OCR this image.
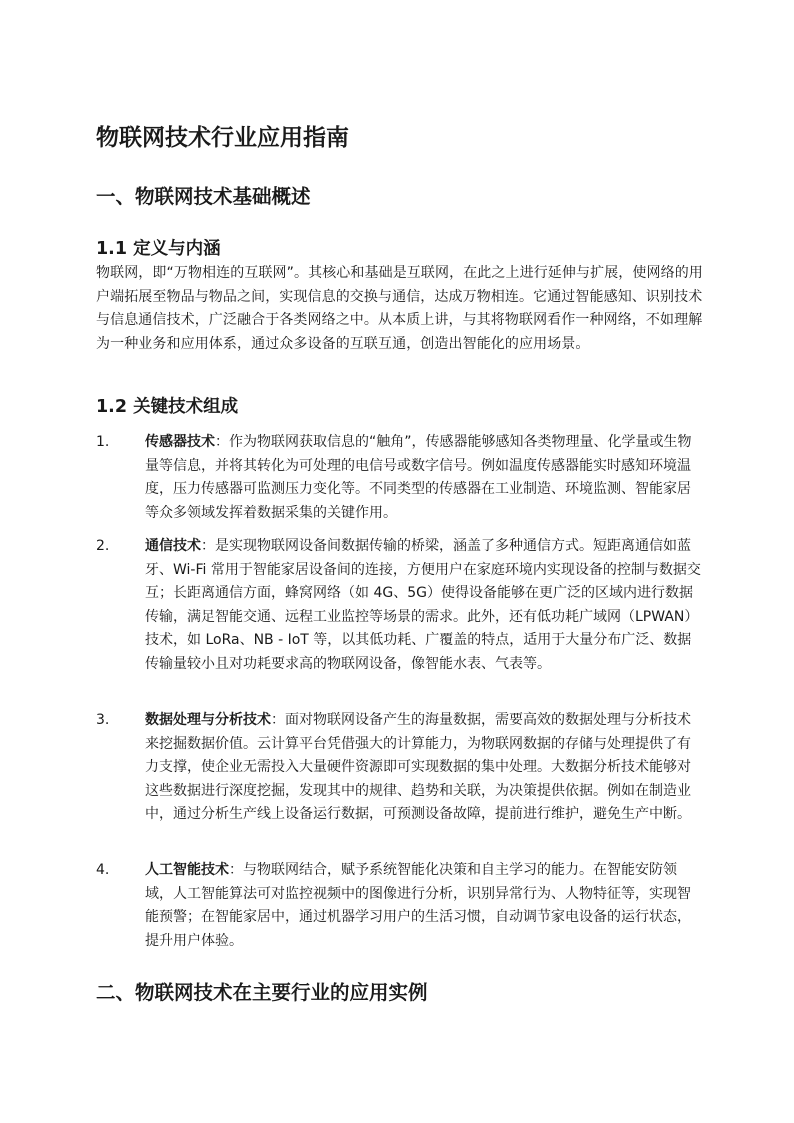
物联网技术行业应用指南
一、物联网技术基础概述
1.1 定义与内涵

物联网，即“万物相连的互联网”。其核心和基础是互联网，在此之上进行延伸与扩展，使网络的用户端拓展至物品与物品之间，实现信息的交换与通信，达成万物相连。它通过智能感知、识别技术与信息通信技术，广泛融合于各类网络之中。从本质上讲，与其将物联网看作一种网络，不如理解为一种业务和应用体系，通过众多设备的互联互通，创造出智能化的应用场景。

1.2 关键技术组成
1.	传感器技术：作为物联网获取信息的“触角”，传感器能够感知各类物理量、化学量或生物量等信息，并将其转化为可处理的电信号或数字信号。例如温度传感器能实时感知环境温度，压力传感器可监测压力变化等。不同类型的传感器在工业制造、环境监测、智能家居等众多领域发挥着数据采集的关键作用。

2.	通信技术：是实现物联网设备间数据传输的桥梁，涵盖了多种通信方式。短距离通信如蓝牙、Wi-Fi 常用于智能家居设备间的连接，方便用户在家庭环境内实现设备的控制与数据交互；长距离通信方面，蜂窝网络（如 4G、5G）使得设备能够在更广泛的区域内进行数据传输，满足智能交通、远程工业监控等场景的需求。此外，还有低功耗广域网（LPWAN）技术，如 LoRa、NB - IoT 等，以其低功耗、广覆盖的特点，适用于大量分布广泛、数据传输量较小且对功耗要求高的物联网设备，像智能水表、气表等。

3.	数据处理与分析技术：面对物联网设备产生的海量数据，需要高效的数据处理与分析技术来挖掘数据价值。云计算平台凭借强大的计算能力，为物联网数据的存储与处理提供了有力支撑，使企业无需投入大量硬件资源即可实现数据的集中处理。大数据分析技术能够对这些数据进行深度挖掘，发现其中的规律、趋势和关联，为决策提供依据。例如在制造业中，通过分析生产线上设备运行数据，可预测设备故障，提前进行维护，避免生产中断。

4.	人工智能技术：与物联网结合，赋予系统智能化决策和自主学习的能力。在智能安防领域，人工智能算法可对监控视频中的图像进行分析，识别异常行为、人物特征等，实现智能预警；在智能家居中，通过机器学习用户的生活习惯，自动调节家电设备的运行状态，提升用户体验。

二、物联网技术在主要行业的应用实例
